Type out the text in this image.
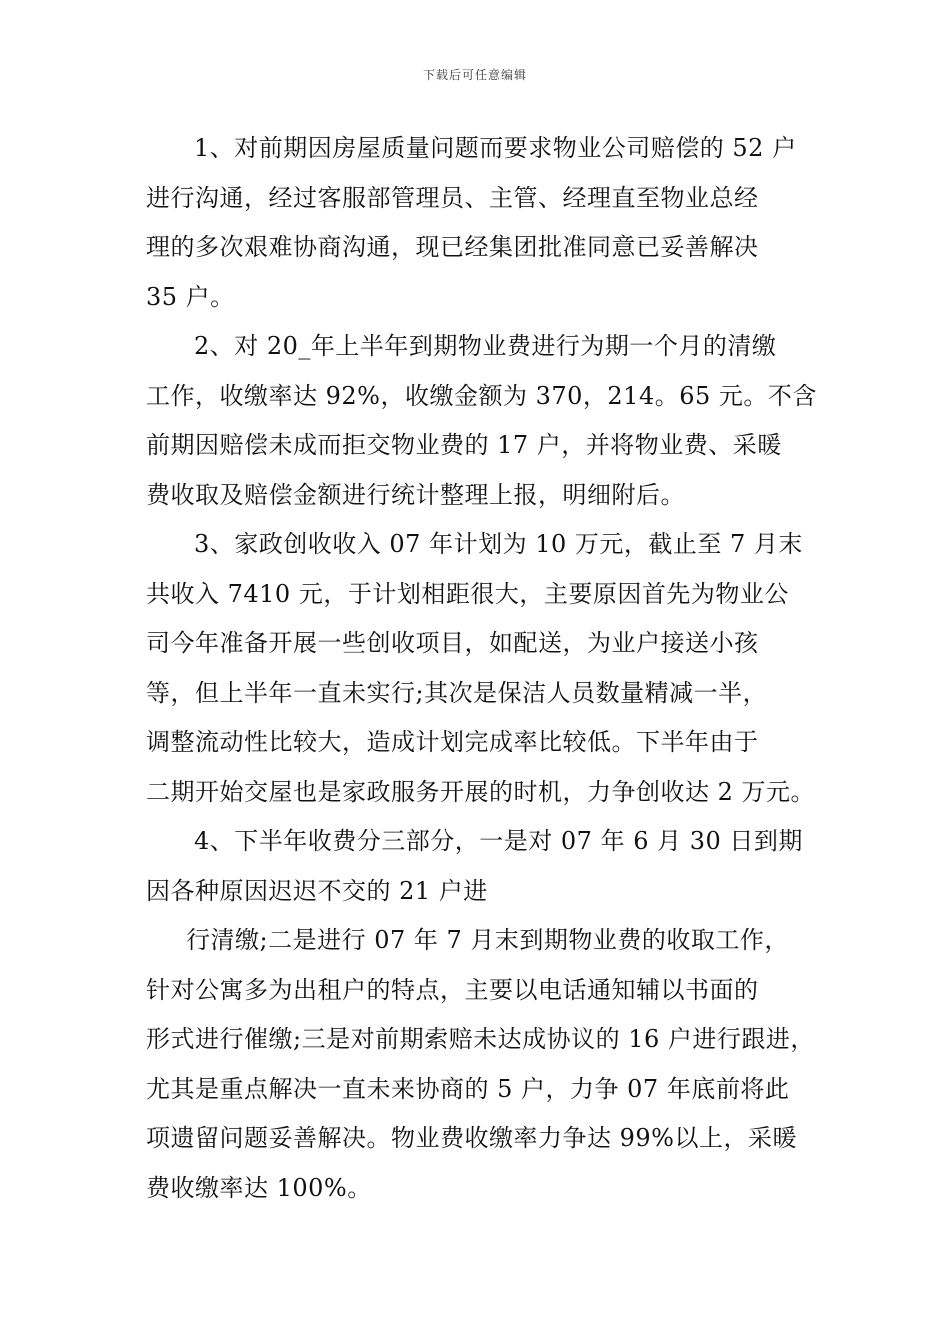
下载后可任意编辑
1、对前期因房屋质量问题而要求物业公司赔偿的 52 户
进行沟通，经过客服部管理员、主管、经理直至物业总经
理的多次艰难协商沟通，现已经集团批准同意已妥善解决
35 户。
2、对 20_年上半年到期物业费进行为期一个月的清缴
工作，收缴率达 92%，收缴金额为 370，214。65 元。不含
前期因赔偿未成而拒交物业费的 17 户，并将物业费、采暖
费收取及赔偿金额进行统计整理上报，明细附后。
3、家政创收收入 07 年计划为 10 万元，截止至 7 月末
共收入 7410 元，于计划相距很大，主要原因首先为物业公
司今年准备开展一些创收项目，如配送，为业户接送小孩
等，但上半年一直未实行;其次是保洁人员数量精减一半，
调整流动性比较大，造成计划完成率比较低。下半年由于
二期开始交屋也是家政服务开展的时机，力争创收达 2 万元。
4、下半年收费分三部分，一是对 07 年 6 月 30 日到期
因各种原因迟迟不交的 21 户进
行清缴;二是进行 07 年 7 月末到期物业费的收取工作，
针对公寓多为出租户的特点，主要以电话通知辅以书面的
形式进行催缴;三是对前期索赔未达成协议的 16 户进行跟进，
尤其是重点解决一直未来协商的 5 户，力争 07 年底前将此
项遗留问题妥善解决。物业费收缴率力争达 99%以上，采暖
费收缴率达 100%。
